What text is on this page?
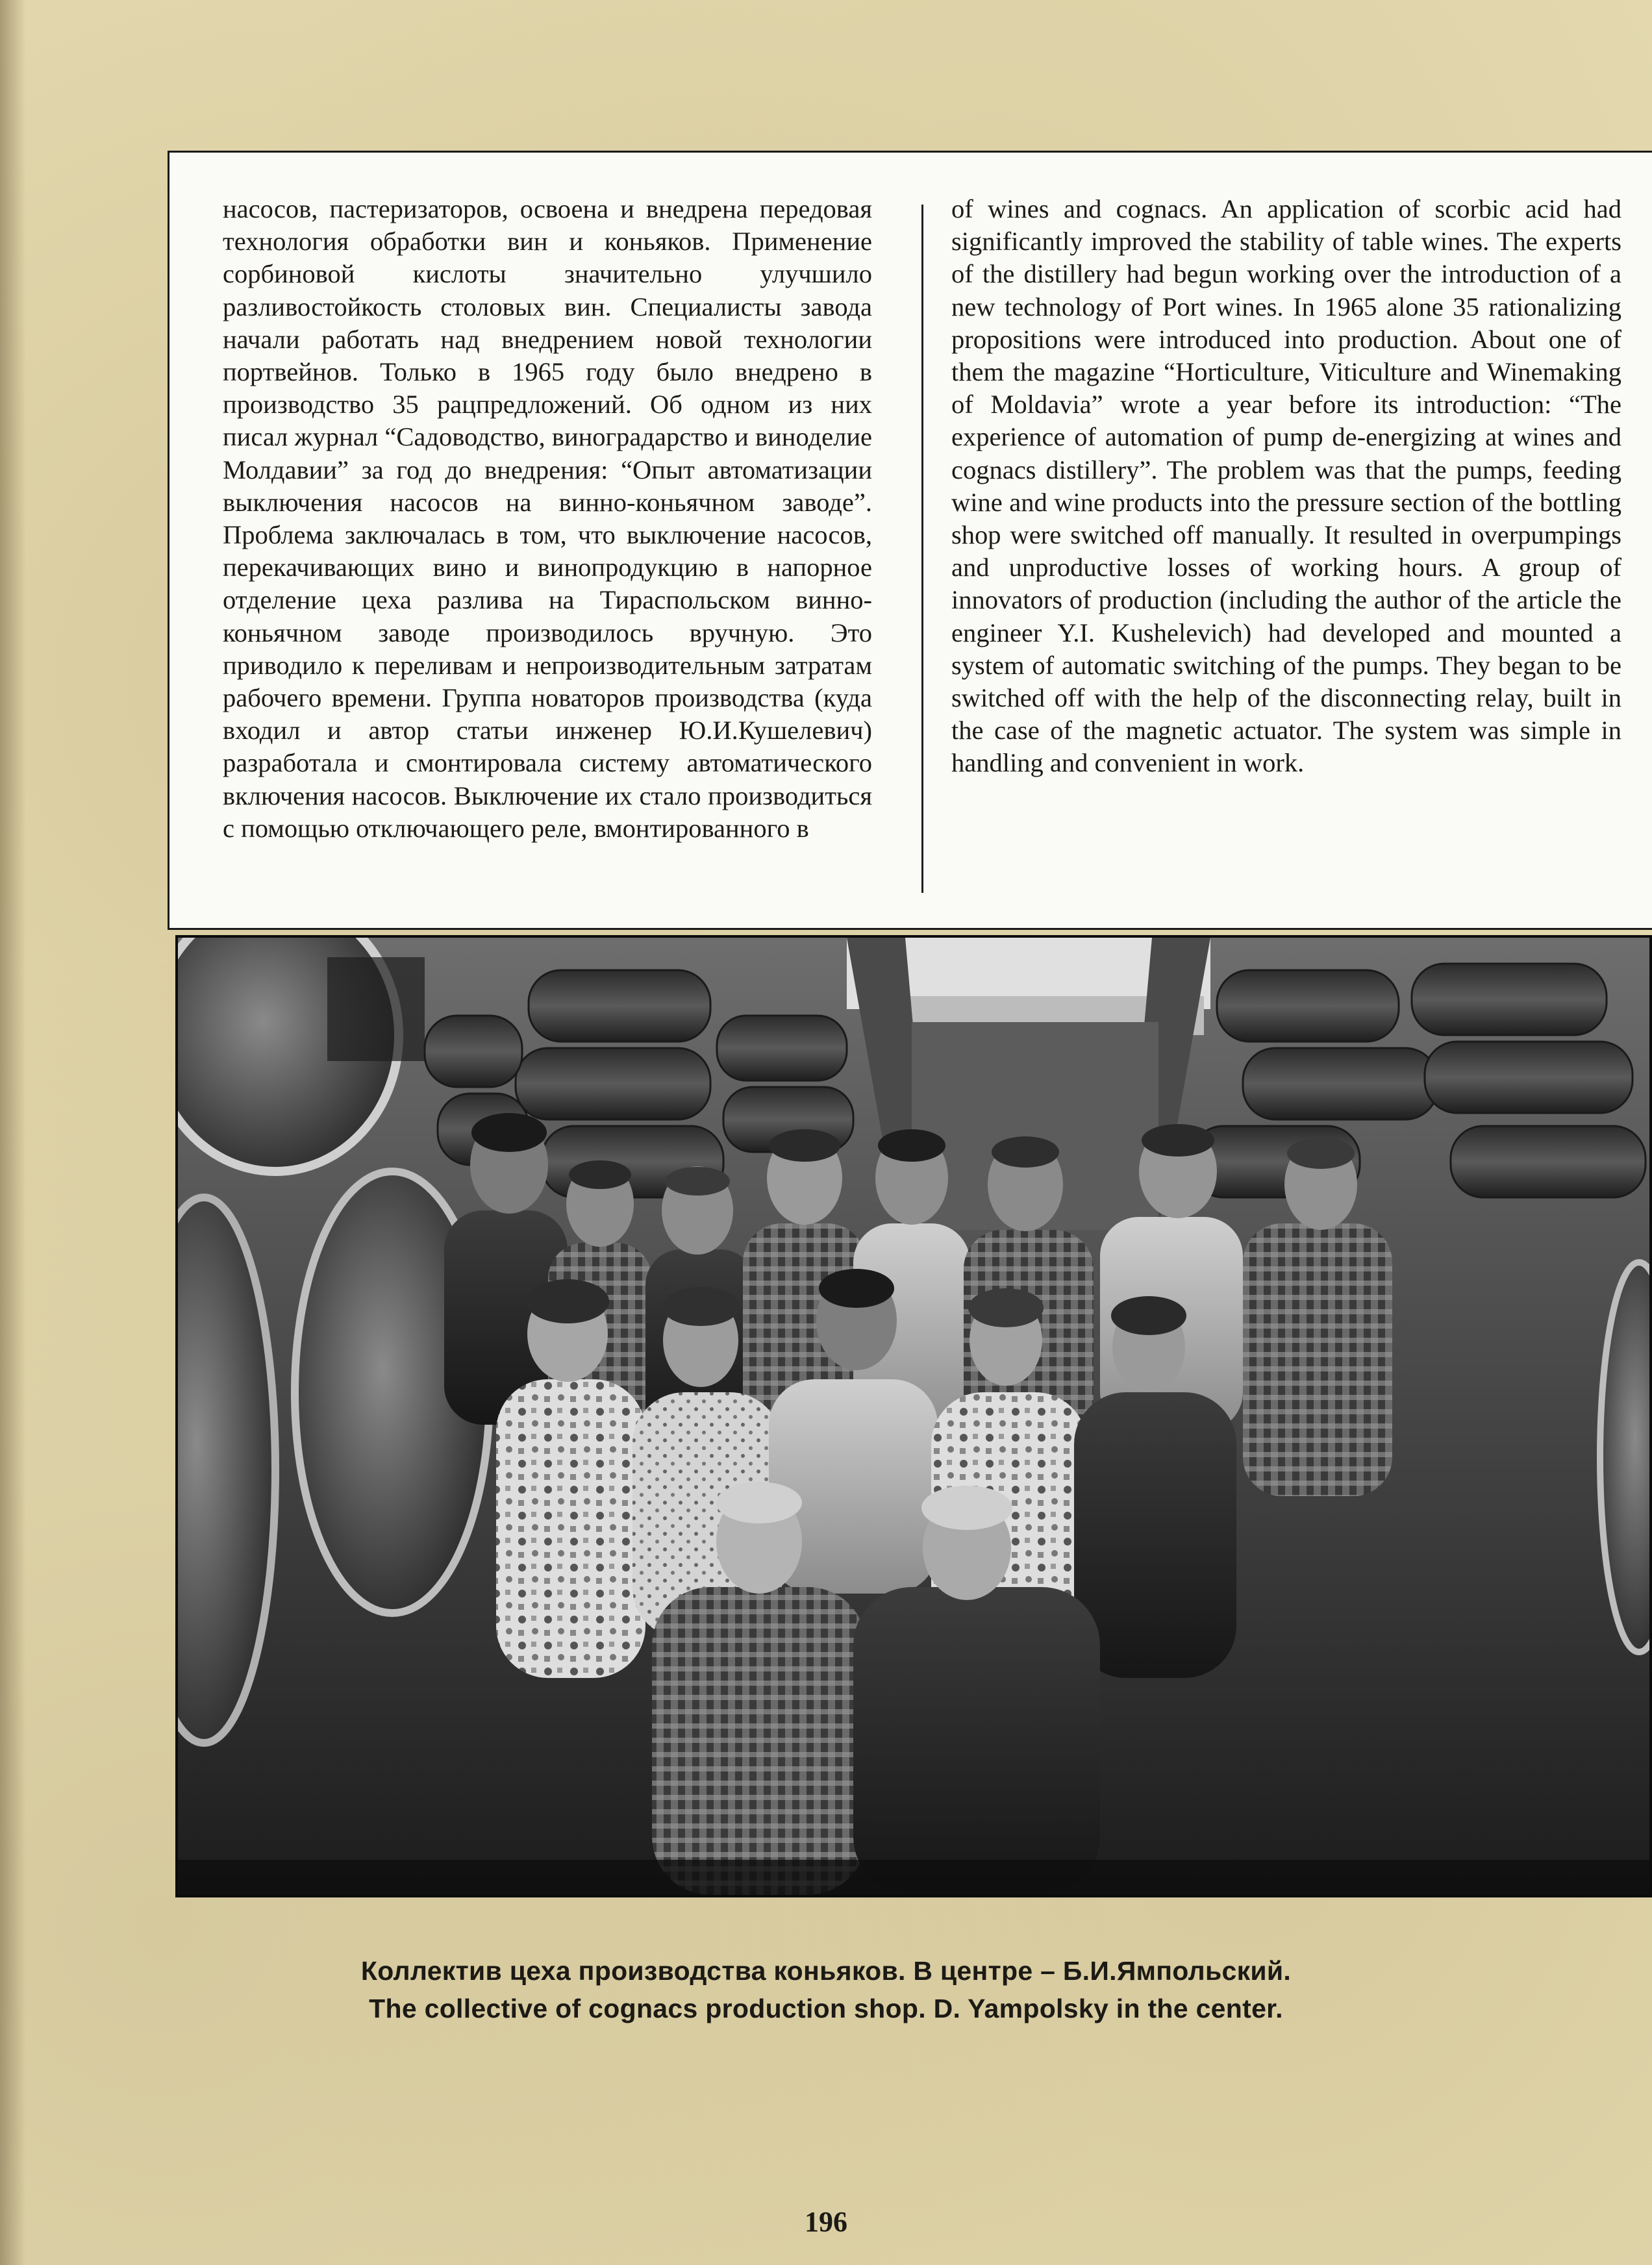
насосов, пастеризаторов, освоена и внедрена передовая технология обработки вин и коньяков. Применение сорбиновой кислоты значительно улучшило разливостойкость столовых вин. Специалисты завода начали работать над внедрением новой технологии портвейнов. Только в 1965 году было внедрено в производство 35 рацпредложений. Об одном из них писал журнал “Садоводство, виноградарство и виноделие Молдавии” за год до внедрения: “Опыт автоматизации выключения насосов на винно-коньячном заводе”. Проблема заключалась в том, что выключение насосов, перекачивающих вино и винопродукцию в напорное отделение цеха разлива на Тираспольском винно-коньячном заводе производилось вручную. Это приводило к переливам и непроизводительным затратам рабочего времени. Группа новаторов производства (куда входил и автор статьи инженер Ю.И.Кушелевич) разработала и смонтировала систему автоматического включения насосов. Выключение их стало производиться с помощью отключающего реле, вмонтированного в
of wines and cognacs. An application of scorbic acid had significantly improved the stability of table wines. The experts of the distillery had begun working over the introduction of a new technology of Port wines. In 1965 alone 35 rationalizing propositions were introduced into production. About one of them the magazine “Horticulture, Viticulture and Winemaking of Moldavia” wrote a year before its introduction: “The experience of automation of pump de-energizing at wines and cognacs distillery”. The problem was that the pumps, feeding wine and wine products into the pressure section of the bottling shop were switched off manually. It resulted in overpumpings and unproductive losses of working hours. A group of innovators of production (including the author of the article the engineer Y.I. Kushelevich) had developed and mounted a system of automatic switching of the pumps. They began to be switched off with the help of the disconnecting relay, built in the case of the magnetic actuator. The system was simple in handling and convenient in work.
Коллектив цеха производства коньяков. В центре – Б.И.Ямпольский.
The collective of cognacs production shop. D. Yampolsky in the center.
196
